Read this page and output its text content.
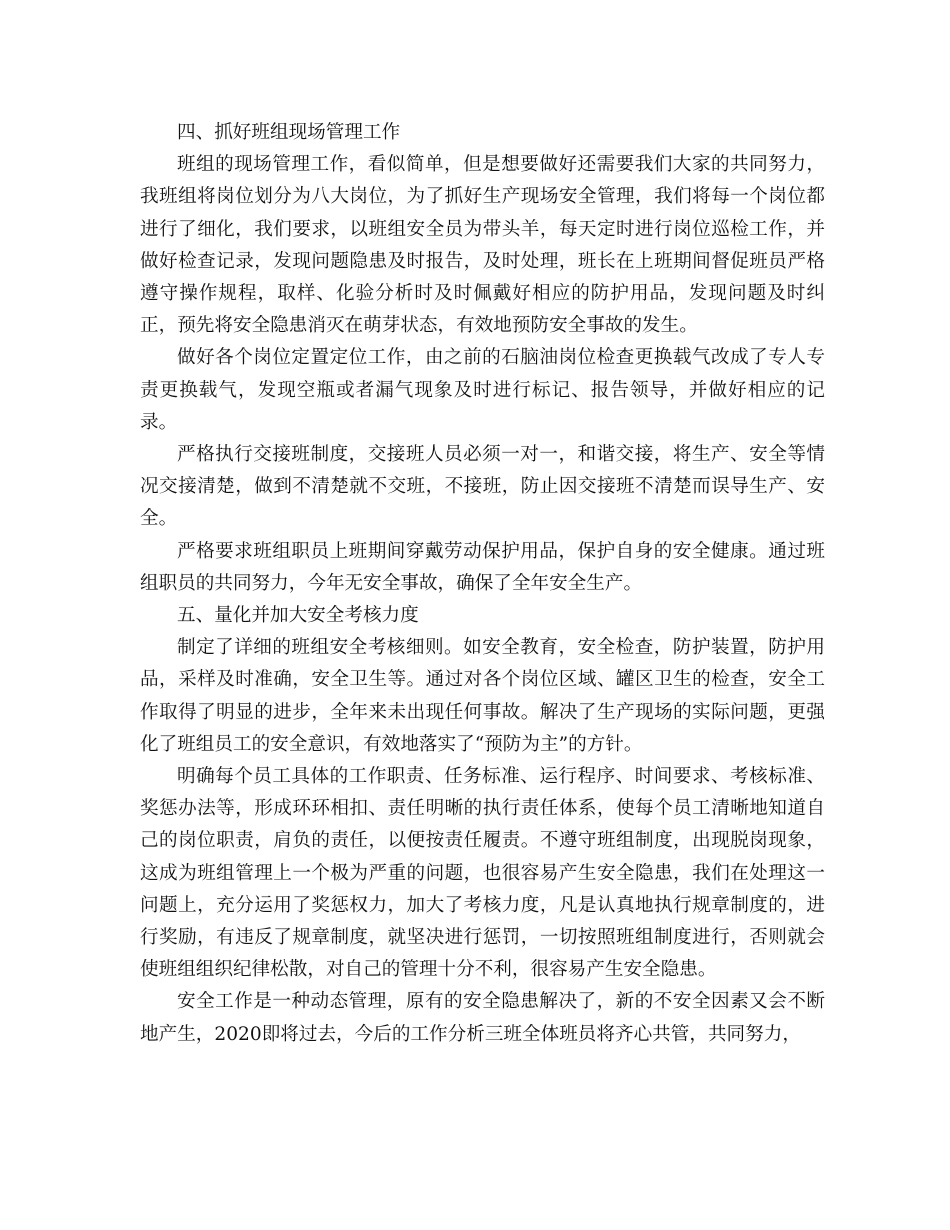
四、抓好班组现场管理工作

班组的现场管理工作，看似简单，但是想要做好还需要我们大家的共同努力，我班组将岗位划分为八大岗位，为了抓好生产现场安全管理，我们将每一个岗位都进行了细化，我们要求，以班组安全员为带头羊，每天定时进行岗位巡检工作，并做好检查记录，发现问题隐患及时报告，及时处理，班长在上班期间督促班员严格遵守操作规程，取样、化验分析时及时佩戴好相应的防护用品，发现问题及时纠正，预先将安全隐患消灭在萌芽状态，有效地预防安全事故的发生。

做好各个岗位定置定位工作，由之前的石脑油岗位检查更换载气改成了专人专责更换载气，发现空瓶或者漏气现象及时进行标记、报告领导，并做好相应的记录。

严格执行交接班制度，交接班人员必须一对一，和谐交接，将生产、安全等情况交接清楚，做到不清楚就不交班，不接班，防止因交接班不清楚而误导生产、安全。

严格要求班组职员上班期间穿戴劳动保护用品，保护自身的安全健康。通过班组职员的共同努力，今年无安全事故，确保了全年安全生产。

五、量化并加大安全考核力度

制定了详细的班组安全考核细则。如安全教育，安全检查，防护装置，防护用品，采样及时准确，安全卫生等。通过对各个岗位区域、罐区卫生的检查，安全工作取得了明显的进步，全年来未出现任何事故。解决了生产现场的实际问题，更强化了班组员工的安全意识，有效地落实了“预防为主”的方针。

明确每个员工具体的工作职责、任务标准、运行程序、时间要求、考核标准、奖惩办法等，形成环环相扣、责任明晰的执行责任体系，使每个员工清晰地知道自己的岗位职责，肩负的责任，以便按责任履责。不遵守班组制度，出现脱岗现象，这成为班组管理上一个极为严重的问题，也很容易产生安全隐患，我们在处理这一问题上，充分运用了奖惩权力，加大了考核力度，凡是认真地执行规章制度的，进行奖励，有违反了规章制度，就坚决进行惩罚，一切按照班组制度进行，否则就会使班组组织纪律松散，对自己的管理十分不利，很容易产生安全隐患。

安全工作是一种动态管理，原有的安全隐患解决了，新的不安全因素又会不断地产生，2020即将过去，今后的工作分析三班全体班员将齐心共管，共同努力，
